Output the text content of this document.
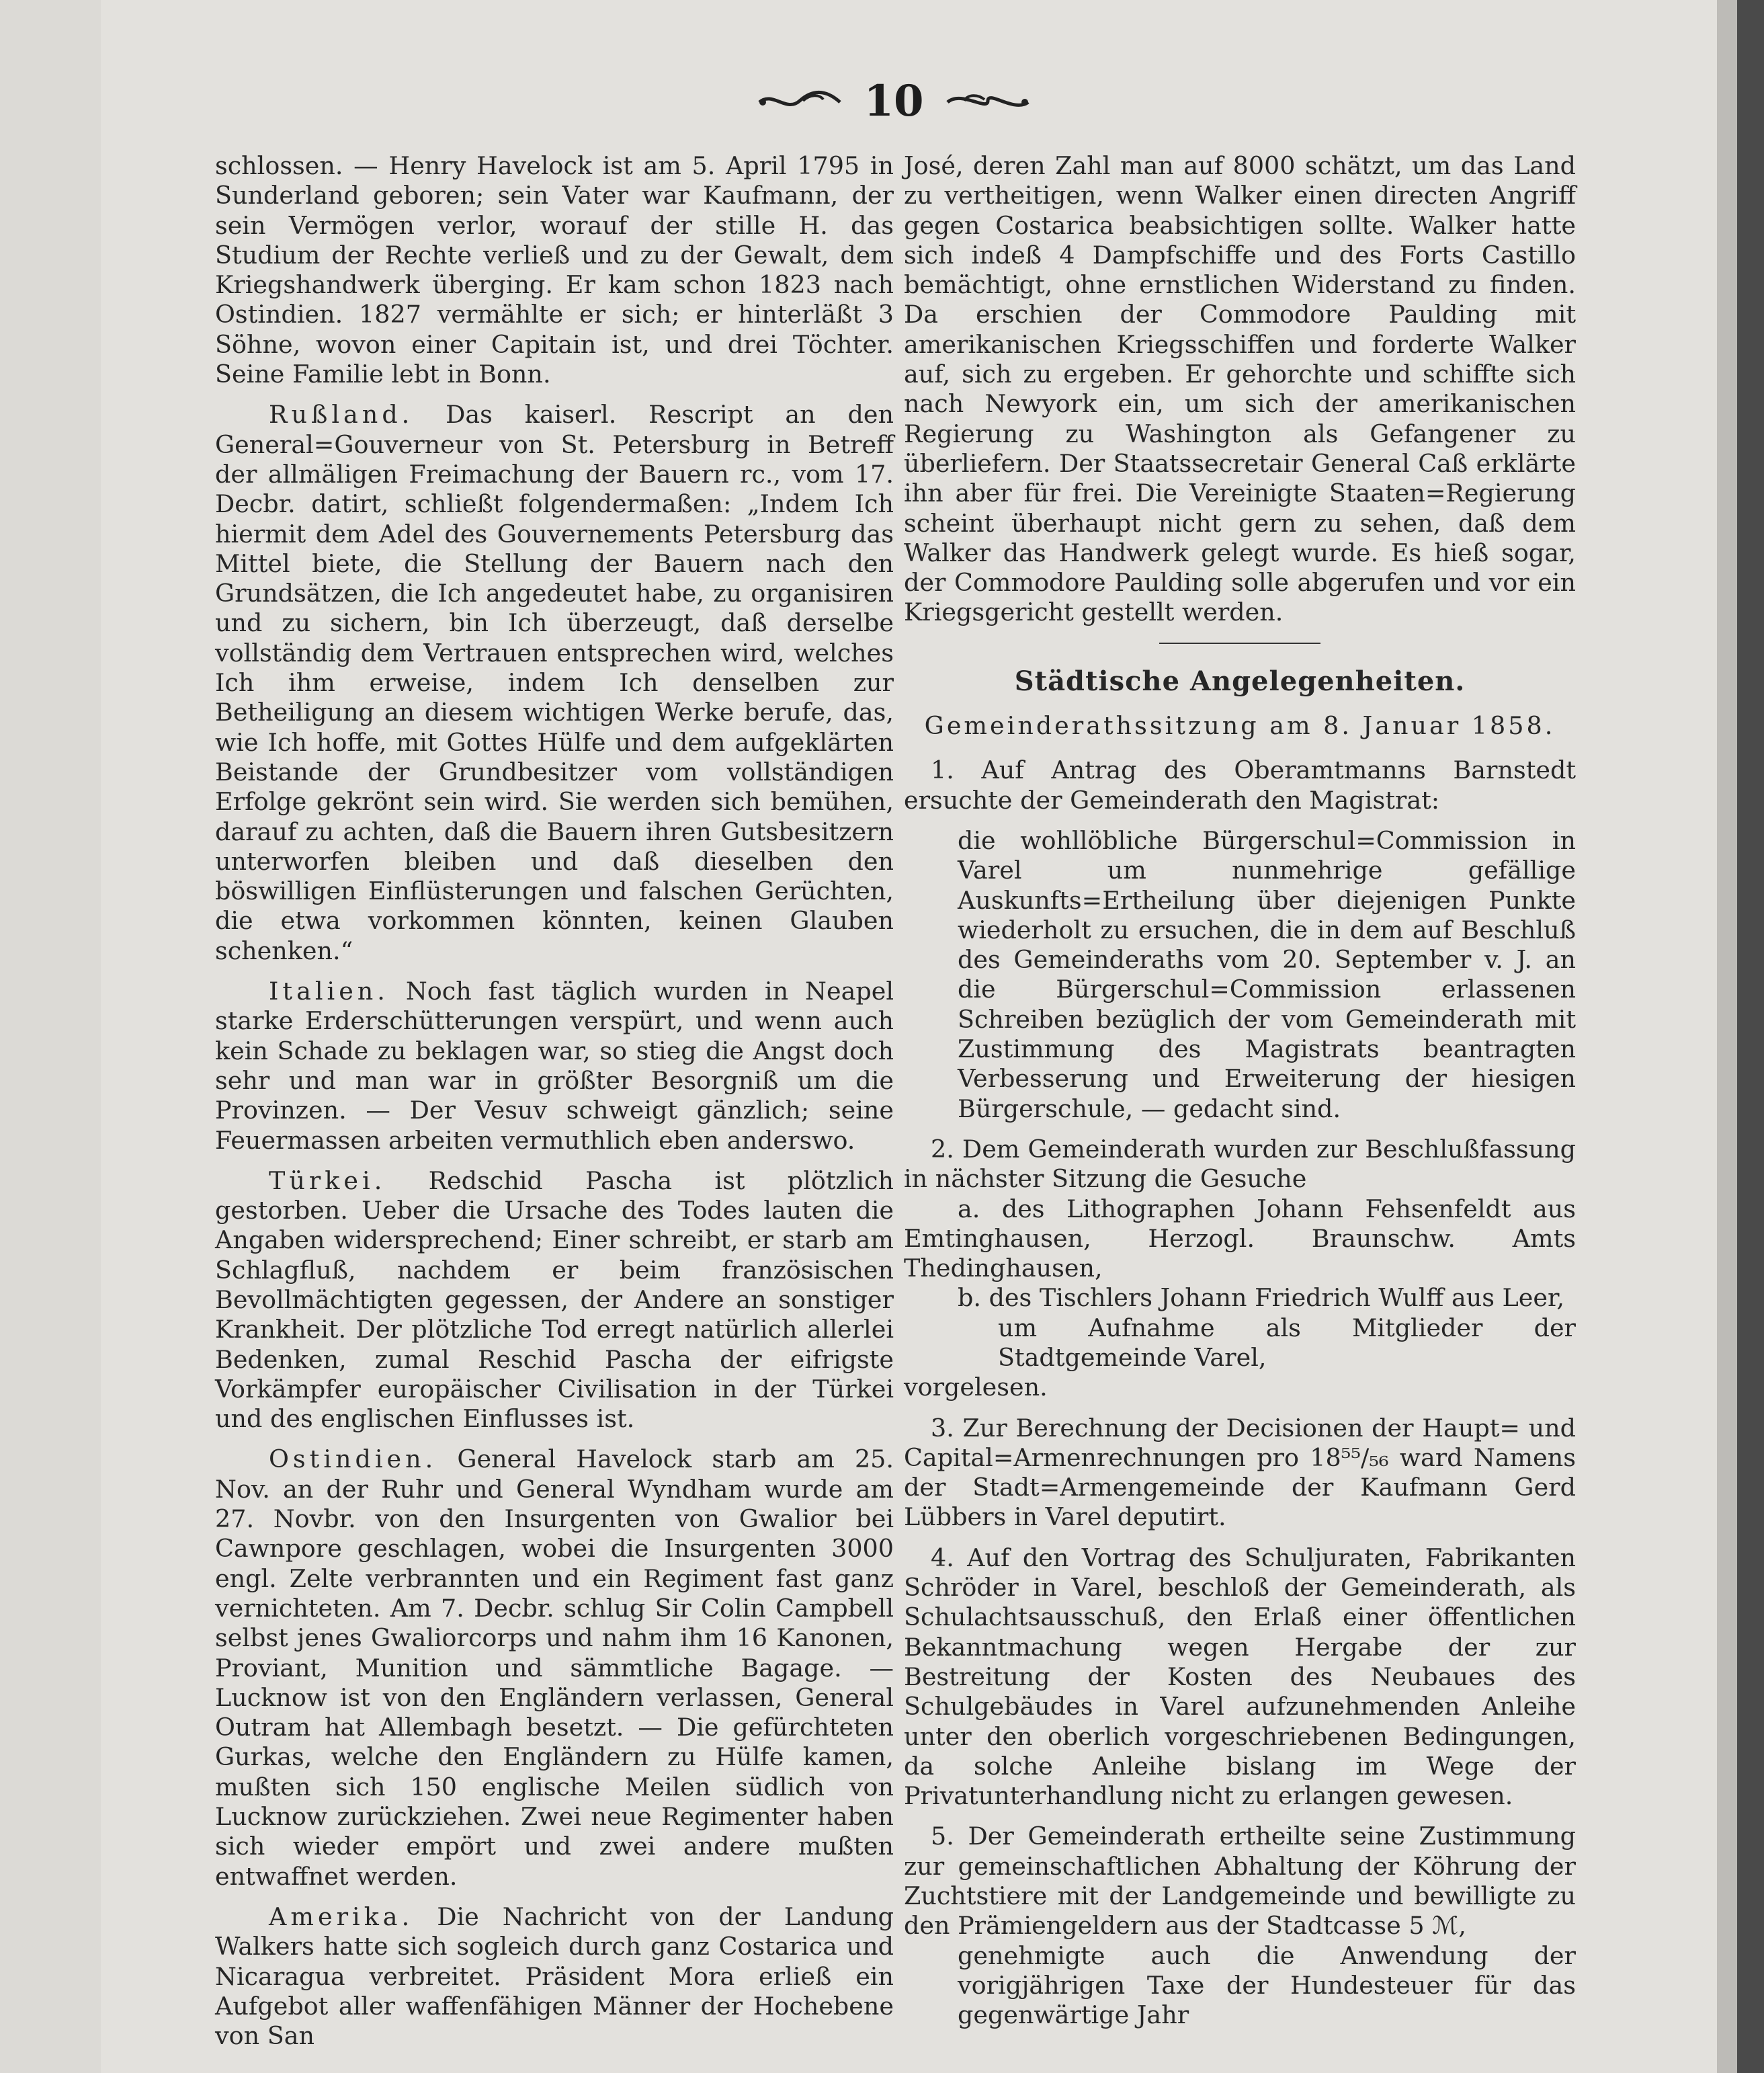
10

schlossen. — Henry Havelock ist am 5. April 1795 in Sunderland geboren; sein Vater war Kaufmann, der sein Vermögen verlor, worauf der stille H. das Studium der Rechte verließ und zu der Gewalt, dem Kriegshandwerk überging. Er kam schon 1823 nach Ostindien. 1827 vermählte er sich; er hinterläßt 3 Söhne, wovon einer Capitain ist, und drei Töchter. Seine Familie lebt in Bonn.

Rußland. Das kaiserl. Rescript an den General=Gouverneur von St. Petersburg in Betreff der allmäligen Freimachung der Bauern rc., vom 17. Decbr. datirt, schließt folgendermaßen: „Indem Ich hiermit dem Adel des Gouvernements Petersburg das Mittel biete, die Stellung der Bauern nach den Grundsätzen, die Ich angedeutet habe, zu organisiren und zu sichern, bin Ich überzeugt, daß derselbe vollständig dem Vertrauen entsprechen wird, welches Ich ihm erweise, indem Ich denselben zur Betheiligung an diesem wichtigen Werke berufe, das, wie Ich hoffe, mit Gottes Hülfe und dem aufgeklärten Beistande der Grundbesitzer vom vollständigen Erfolge gekrönt sein wird. Sie werden sich bemühen, darauf zu achten, daß die Bauern ihren Gutsbesitzern unterworfen bleiben und daß dieselben den böswilligen Einflüsterungen und falschen Gerüchten, die etwa vorkommen könnten, keinen Glauben schenken.“

Italien. Noch fast täglich wurden in Neapel starke Erderschütterungen verspürt, und wenn auch kein Schade zu beklagen war, so stieg die Angst doch sehr und man war in größter Besorgniß um die Provinzen. — Der Vesuv schweigt gänzlich; seine Feuermassen arbeiten vermuthlich eben anderswo.

Türkei. Redschid Pascha ist plötzlich gestorben. Ueber die Ursache des Todes lauten die Angaben widersprechend; Einer schreibt, er starb am Schlagfluß, nachdem er beim französischen Bevollmächtigten gegessen, der Andere an sonstiger Krankheit. Der plötzliche Tod erregt natürlich allerlei Bedenken, zumal Reschid Pascha der eifrigste Vorkämpfer europäischer Civilisation in der Türkei und des englischen Einflusses ist.

Ostindien. General Havelock starb am 25. Nov. an der Ruhr und General Wyndham wurde am 27. Novbr. von den Insurgenten von Gwalior bei Cawnpore geschlagen, wobei die Insurgenten 3000 engl. Zelte verbrannten und ein Regiment fast ganz vernichteten. Am 7. Decbr. schlug Sir Colin Campbell selbst jenes Gwaliorcorps und nahm ihm 16 Kanonen, Proviant, Munition und sämmtliche Bagage. — Lucknow ist von den Engländern verlassen, General Outram hat Allembagh besetzt. — Die gefürchteten Gurkas, welche den Engländern zu Hülfe kamen, mußten sich 150 englische Meilen südlich von Lucknow zurückziehen. Zwei neue Regimenter haben sich wieder empört und zwei andere mußten entwaffnet werden.

Amerika. Die Nachricht von der Landung Walkers hatte sich sogleich durch ganz Costarica und Nicaragua verbreitet. Präsident Mora erließ ein Aufgebot aller waffenfähigen Männer der Hochebene von San

José, deren Zahl man auf 8000 schätzt, um das Land zu vertheitigen, wenn Walker einen directen Angriff gegen Costarica beabsichtigen sollte. Walker hatte sich indeß 4 Dampfschiffe und des Forts Castillo bemächtigt, ohne ernstlichen Widerstand zu finden. Da erschien der Commodore Paulding mit amerikanischen Kriegsschiffen und forderte Walker auf, sich zu ergeben. Er gehorchte und schiffte sich nach Newyork ein, um sich der amerikanischen Regierung zu Washington als Gefangener zu überliefern. Der Staatssecretair General Caß erklärte ihn aber für frei. Die Vereinigte Staaten=Regierung scheint überhaupt nicht gern zu sehen, daß dem Walker das Handwerk gelegt wurde. Es hieß sogar, der Commodore Paulding solle abgerufen und vor ein Kriegsgericht gestellt werden.

Städtische Angelegenheiten.
Gemeinderathssitzung am 8. Januar 1858.

1. Auf Antrag des Oberamtmanns Barnstedt ersuchte der Gemeinderath den Magistrat:

die wohllöbliche Bürgerschul=Commission in Varel um nunmehrige gefällige Auskunfts=Ertheilung über diejenigen Punkte wiederholt zu ersuchen, die in dem auf Beschluß des Gemeinderaths vom 20. September v. J. an die Bürgerschul=Commission erlassenen Schreiben bezüglich der vom Gemeinderath mit Zustimmung des Magistrats beantragten Verbesserung und Erweiterung der hiesigen Bürgerschule, — gedacht sind.

2. Dem Gemeinderath wurden zur Beschlußfassung in nächster Sitzung die Gesuche

a. des Lithographen Johann Fehsenfeldt aus Emtinghausen, Herzogl. Braunschw. Amts Thedinghausen,

b. des Tischlers Johann Friedrich Wulff aus Leer,

um Aufnahme als Mitglieder der Stadtgemeinde Varel,

vorgelesen.

3. Zur Berechnung der Decisionen der Haupt= und Capital=Armenrechnungen pro 18⁵⁵/₅₆ ward Namens der Stadt=Armengemeinde der Kaufmann Gerd Lübbers in Varel deputirt.

4. Auf den Vortrag des Schuljuraten, Fabrikanten Schröder in Varel, beschloß der Gemeinderath, als Schulachtsausschuß, den Erlaß einer öffentlichen Bekanntmachung wegen Hergabe der zur Bestreitung der Kosten des Neubaues des Schulgebäudes in Varel aufzunehmenden Anleihe unter den oberlich vorgeschriebenen Bedingungen, da solche Anleihe bislang im Wege der Privatunterhandlung nicht zu erlangen gewesen.

5. Der Gemeinderath ertheilte seine Zustimmung zur gemeinschaftlichen Abhaltung der Köhrung der Zuchtstiere mit der Landgemeinde und bewilligte zu den Prämiengeldern aus der Stadtcasse 5 ℳ,

genehmigte auch die Anwendung der vorigjährigen Taxe der Hundesteuer für das gegenwärtige Jahr
